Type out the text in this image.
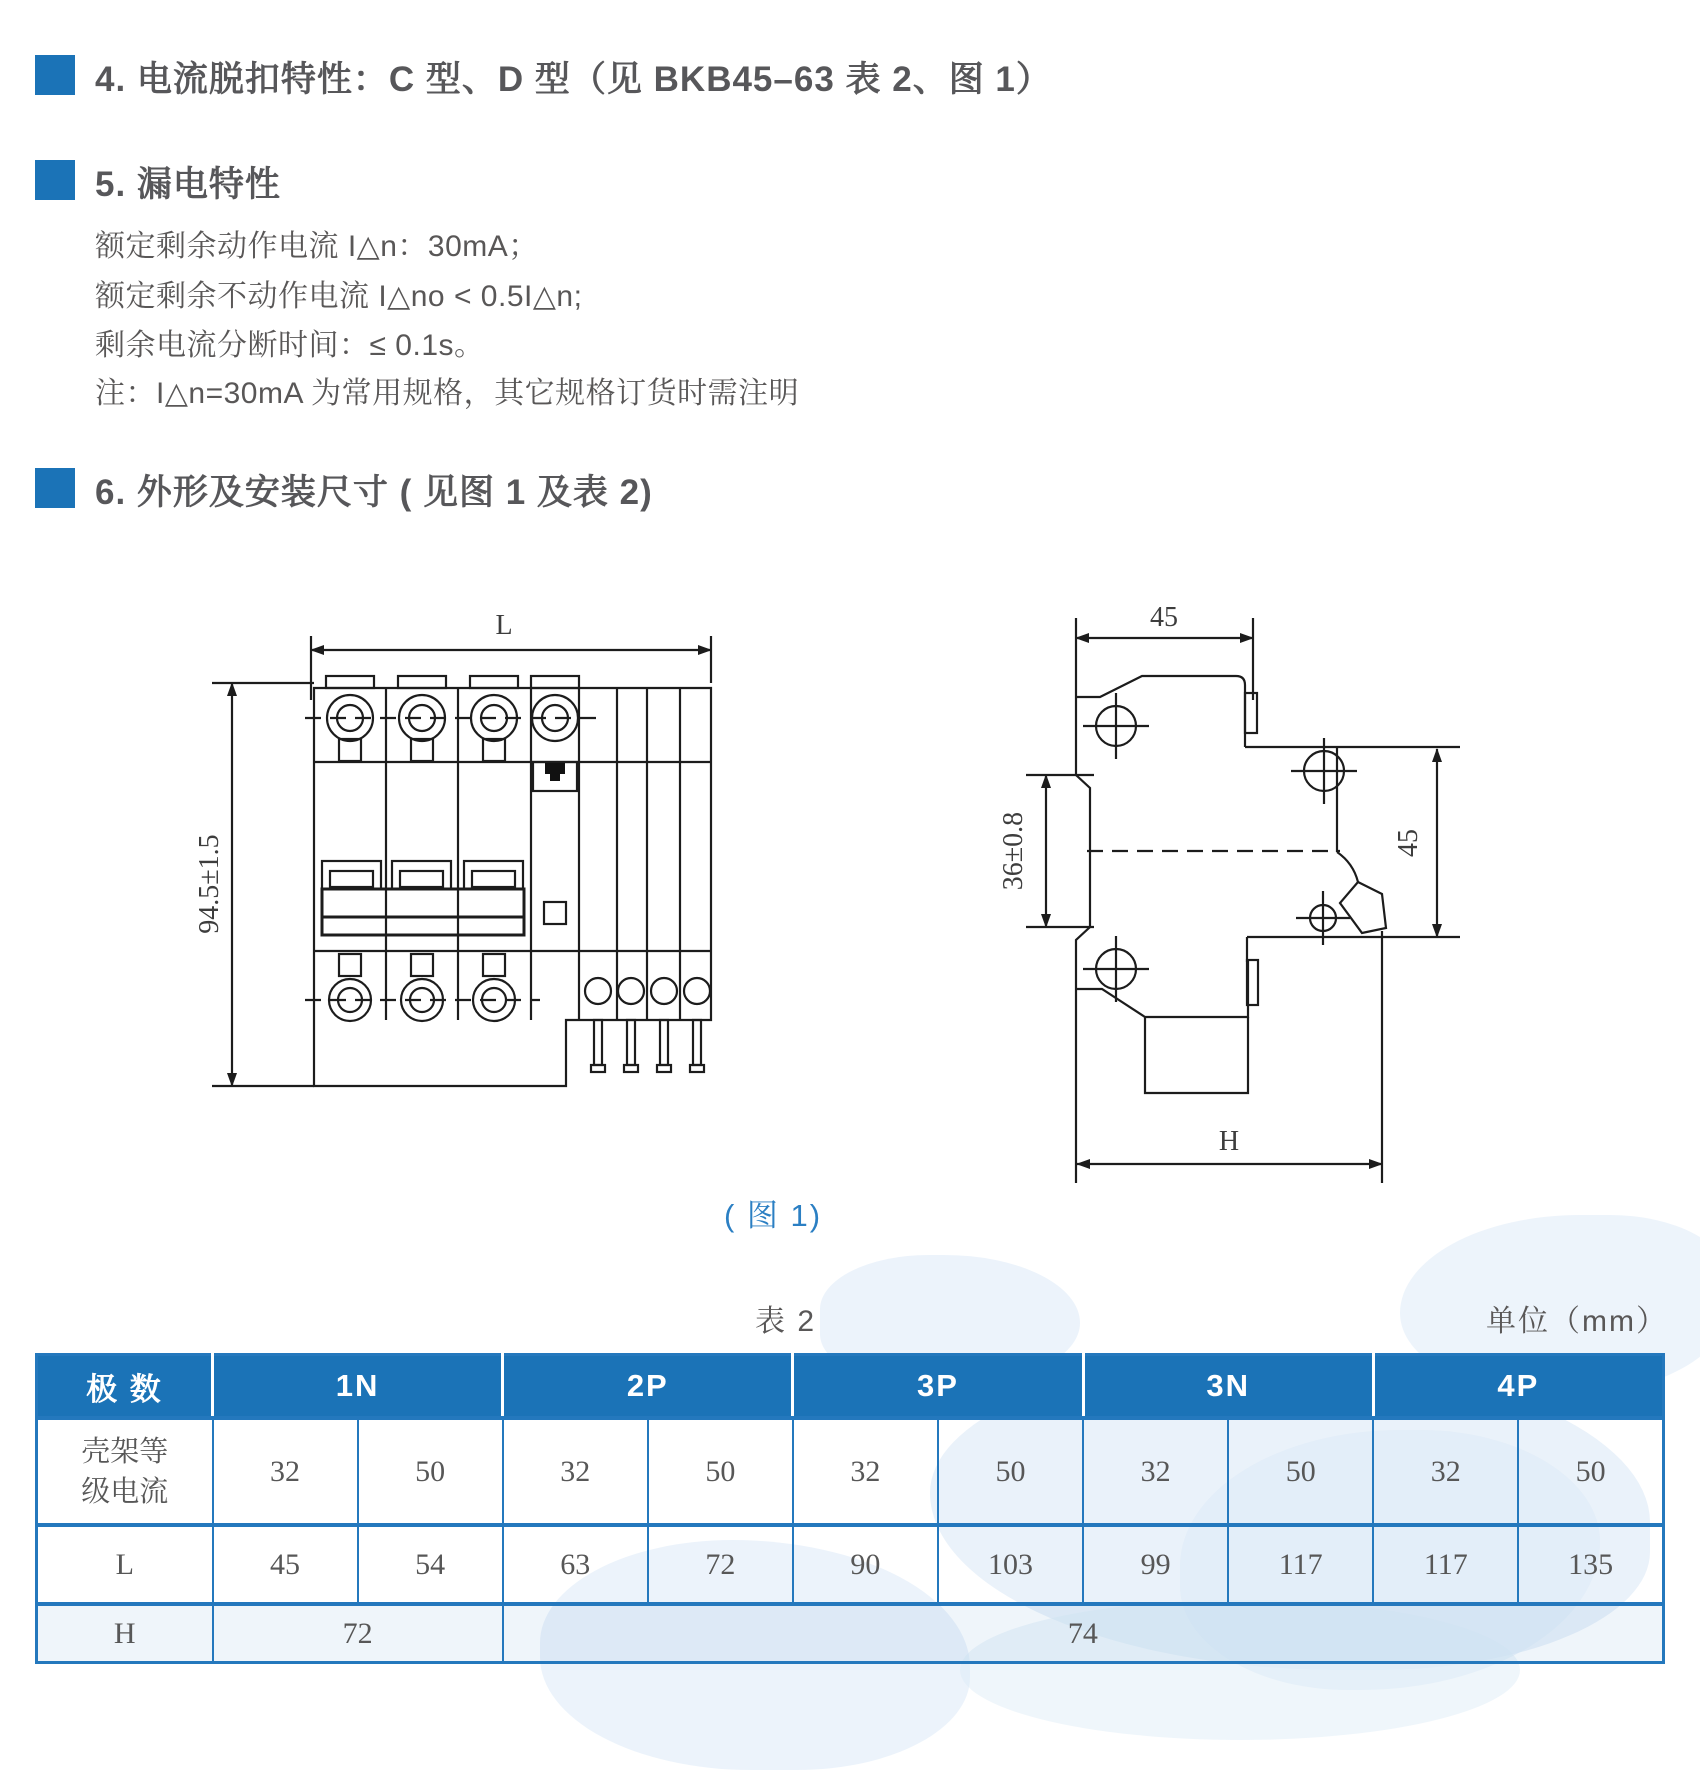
4. 电流脱扣特性：C 型、D 型（见 BKB45–63 表 2、图 1）
5. 漏电特性
额定剩余动作电流 I△n：30mA；
额定剩余不动作电流 I△no < 0.5I△n;
剩余电流分断时间：≤ 0.1s。
注：I△n=30mA 为常用规格，其它规格订货时需注明
6. 外形及安装尺寸 ( 见图 1 及表 2)
L
94.5±1.5
45
36±0.8	45
H
( 图 1)
表 2	单位（mm）
极 数	1N		2P		3P		3N		4P	

壳架等
级电流	32	50	32	50	32	50	32	50	32	50
L	45	54	63	72	90	103	99	117	117	135
H	72		74							
